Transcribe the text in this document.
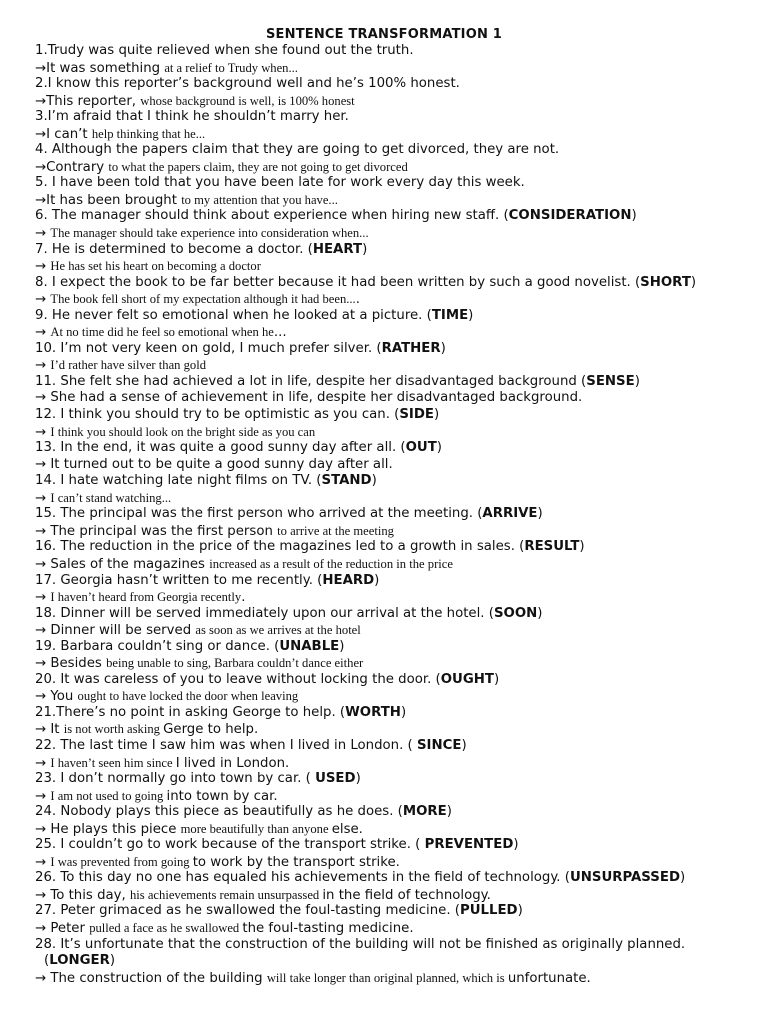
SENTENCE TRANSFORMATION 1
1.Trudy was quite relieved when she found out the truth.
→It was something at a relief to Trudy when...
2.I know this reporter’s background well and he’s 100% honest.
→This reporter, whose background is well, is 100% honest
3.I’m afraid that I think he shouldn’t marry her.
→I can’t help thinking that he...
4. Although the papers claim that they are going to get divorced, they are not.
→Contrary to what the papers claim, they are not going to get divorced
5. I have been told that you have been late for work every day this week.
→It has been brought to my attention that you have...
6. The manager should think about experience when hiring new staff. (CONSIDERATION)
→ The manager should take experience into consideration when...
7. He is determined to become a doctor. (HEART)
→ He has set his heart on becoming a doctor
8. I expect the book to be far better because it had been written by such a good novelist. (SHORT)
→ The book fell short of my expectation although it had been....
9. He never felt so emotional when he looked at a picture. (TIME)
→ At no time did he feel so emotional when he...
10. I’m not very keen on gold, I much prefer silver. (RATHER)
→ I’d rather have silver than gold
11. She felt she had achieved a lot in life, despite her disadvantaged background (SENSE)
→ She had a sense of achievement in life, despite her disadvantaged background.
12. I think you should try to be optimistic as you can. (SIDE)
→ I think you should look on the bright side as you can
13. In the end, it was quite a good sunny day after all. (OUT)
→ It turned out to be quite a good sunny day after all.
14. I hate watching late night films on TV. (STAND)
→ I can’t stand watching...
15. The principal was the first person who arrived at the meeting. (ARRIVE)
→ The principal was the first person to arrive at the meeting
16. The reduction in the price of the magazines led to a growth in sales. (RESULT)
→ Sales of the magazines increased as a result of the reduction in the price
17. Georgia hasn’t written to me recently. (HEARD)
→ I haven’t heard from Georgia recently.
18. Dinner will be served immediately upon our arrival at the hotel. (SOON)
→ Dinner will be served as soon as we arrives at the hotel
19. Barbara couldn’t sing or dance. (UNABLE)
→ Besides being unable to sing, Barbara couldn’t dance either
20. It was careless of you to leave without locking the door. (OUGHT)
→ You ought to have locked the door when leaving
21.There’s no point in asking George to help. (WORTH)
→ It is not worth asking Gerge to help.
22. The last time I saw him was when I lived in London. ( SINCE)
→ I haven’t seen him since I lived in London.
23. I don’t normally go into town by car. ( USED)
→ I am not used to going into town by car.
24. Nobody plays this piece as beautifully as he does. (MORE)
→ He plays this piece more beautifully than anyone else.
25. I couldn’t go to work because of the transport strike. ( PREVENTED)
→ I was prevented from going to work by the transport strike.
26. To this day no one has equaled his achievements in the field of technology. (UNSURPASSED)
→ To this day, his achievements remain unsurpassed in the field of technology.
27. Peter grimaced as he swallowed the foul-tasting medicine. (PULLED)
→ Peter pulled a face as he swallowed the foul-tasting medicine.
28. It’s unfortunate that the construction of the building will not be finished as originally planned.
(LONGER)
→ The construction of the building will take longer than original planned, which is unfortunate.
